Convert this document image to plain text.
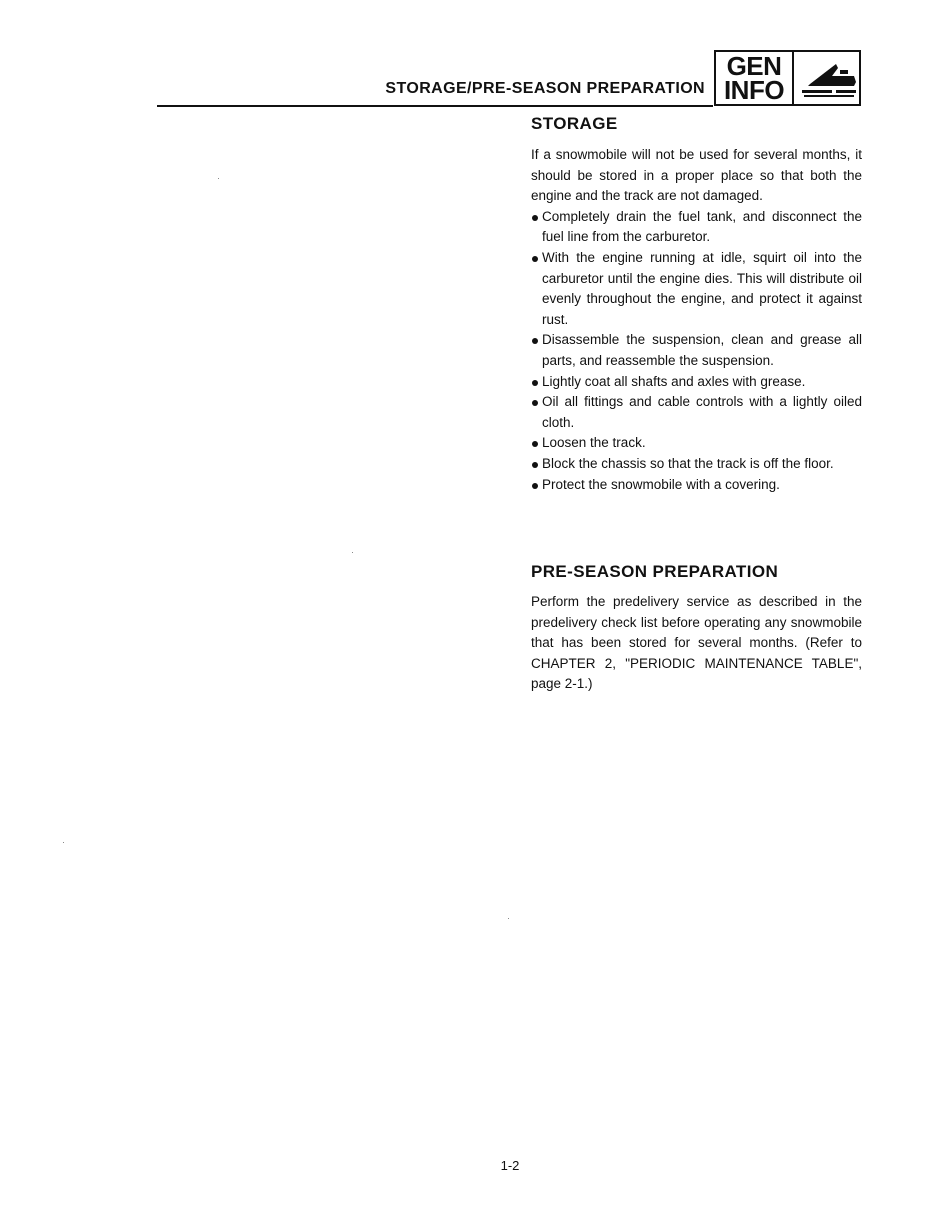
STORAGE/PRE-SEASON PREPARATION
GEN
INFO
STORAGE

If a snowmobile will not be used for several months, it should be stored in a proper place so that both the engine and the track are not damaged.

Completely drain the fuel tank, and disconnect the fuel line from the carburetor.
With the engine running at idle, squirt oil into the carburetor until the engine dies. This will distribute oil evenly throughout the engine, and protect it against rust.
Disassemble the suspension, clean and grease all parts, and reassemble the suspension.
Lightly coat all shafts and axles with grease.
Oil all fittings and cable controls with a lightly oiled cloth.
Loosen the track.
Block the chassis so that the track is off the floor.
Protect the snowmobile with a covering.
PRE-SEASON PREPARATION

Perform the predelivery service as described in the predelivery check list before operating any snowmobile that has been stored for several months. (Refer to CHAPTER 2, "PERIODIC MAINTENANCE TABLE", page 2-1.)

1-2
